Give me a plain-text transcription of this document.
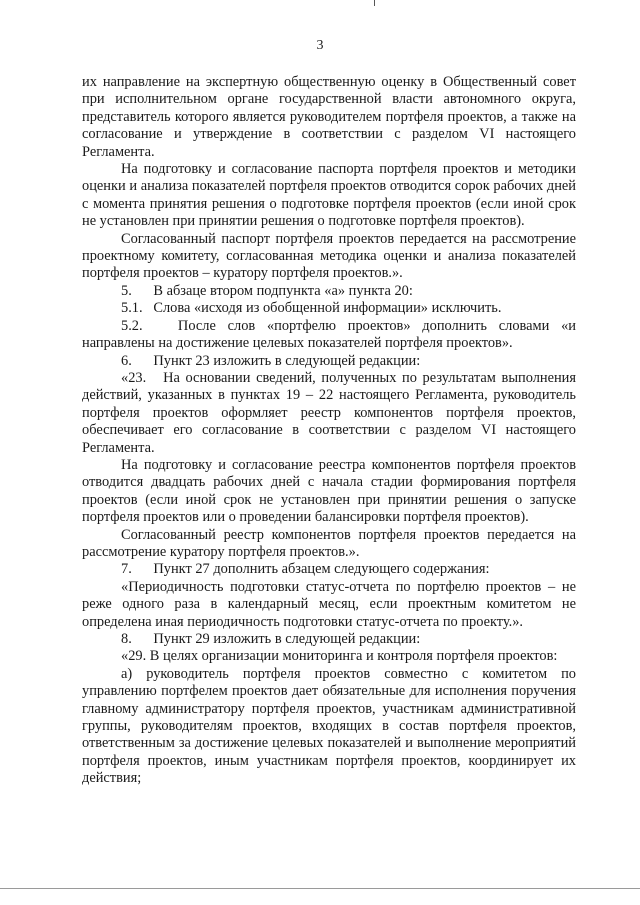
3

их направление на экспертную общественную оценку в Общественный совет при исполнительном органе государственной власти автономного округа, представитель которого является руководителем портфеля проектов, а также на согласование и утверждение в соответствии с разделом VI настоящего Регламента.

На подготовку и согласование паспорта портфеля проектов и методики оценки и анализа показателей портфеля проектов отводится сорок рабочих дней с момента принятия решения о подготовке портфеля проектов (если иной срок не установлен при принятии решения о подготовке портфеля проектов).

Согласованный паспорт портфеля проектов передается на рассмотрение проектному комитету, согласованная методика оценки и анализа показателей портфеля проектов – куратору портфеля проектов.».

5.      В абзаце втором подпункта «а» пункта 20:

5.1.   Слова «исходя из обобщенной информации» исключить.

5.2.   После слов «портфелю проектов» дополнить словами «и направлены на достижение целевых показателей портфеля проектов».

6.      Пункт 23 изложить в следующей редакции:

«23.   На основании сведений, полученных по результатам выполнения действий, указанных в пунктах 19 – 22 настоящего Регламента, руководитель портфеля проектов оформляет реестр компонентов портфеля проектов, обеспечивает его согласование в соответствии с разделом VI настоящего Регламента.

На подготовку и согласование реестра компонентов портфеля проектов отводится двадцать рабочих дней с начала стадии формирования портфеля проектов (если иной срок не установлен при принятии решения о запуске портфеля проектов или о проведении балансировки портфеля проектов).

Согласованный реестр компонентов портфеля проектов передается на рассмотрение куратору портфеля проектов.».

7.      Пункт 27 дополнить абзацем следующего содержания:

«Периодичность подготовки статус-отчета по портфелю проектов – не реже одного раза в календарный месяц, если проектным комитетом не определена иная периодичность подготовки статус-отчета по проекту.».

8.      Пункт 29 изложить в следующей редакции:

«29. В целях организации мониторинга и контроля портфеля проектов:

а) руководитель портфеля проектов совместно с комитетом по управлению портфелем проектов дает обязательные для исполнения поручения главному администратору портфеля проектов, участникам административной группы, руководителям проектов, входящих в состав портфеля проектов, ответственным за достижение целевых показателей и выполнение мероприятий портфеля проектов, иным участникам портфеля проектов, координирует их действия;
